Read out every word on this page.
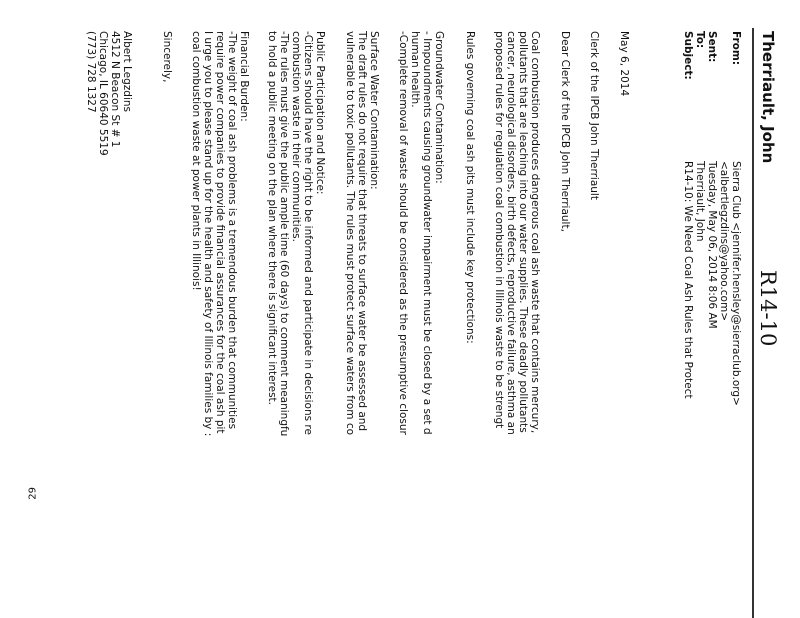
Therriault, John
R14-10
From:
Sierra Club <jennifer.hensley@sierraclub.org>
<albertlegzdins@yahoo.com>
Sent:
Tuesday, May 06, 2014 8:06 AM
To:
Therriault, John
Subject:
R14-10: We Need Coal Ash Rules that Protect
May 6, 2014
Clerk of the IPCB John Therriault
Dear Clerk of the IPCB John Therriault,
Coal combustion produces dangerous coal ash waste that contains mercury,
pollutants that are leaching into our water supplies. These deadly pollutants
cancer, neurological disorders, birth defects, reproductive failure, asthma an
proposed rules for regulation coal combustion in Illinois waste to be strengt
Rules governing coal ash pits must include key protections:
Groundwater Contamination:
- Impoundments causing groundwater impairment must be closed by a set d
human health.
-Complete removal of waste should be considered as the presumptive closur
Surface Water Contamination:
The draft rules do not require that threats to surface water be assessed and
vulnerable to toxic pollutants. The rules must protect surface waters from co
Public Participation and Notice:
-Citizens should have the right to be informed and participate in decisions re
combustion waste in their communities.
-The rules must give the public ample time (60 days) to comment meaningfu
to hold a public meeting on the plan where there is significant interest.
Financial Burden:
-The weight of coal ash problems is a tremendous burden that communities
require power companies to provide financial assurances for the coal ash pit
I urge you to please stand up for the health and safety of Illinois families by :
coal combustion waste at power plants in Illinois!
Sincerely,
Albert Legzdins
4512 N Beacon St # 1
Chicago, IL 60640 5519
(773) 728 1327
29
